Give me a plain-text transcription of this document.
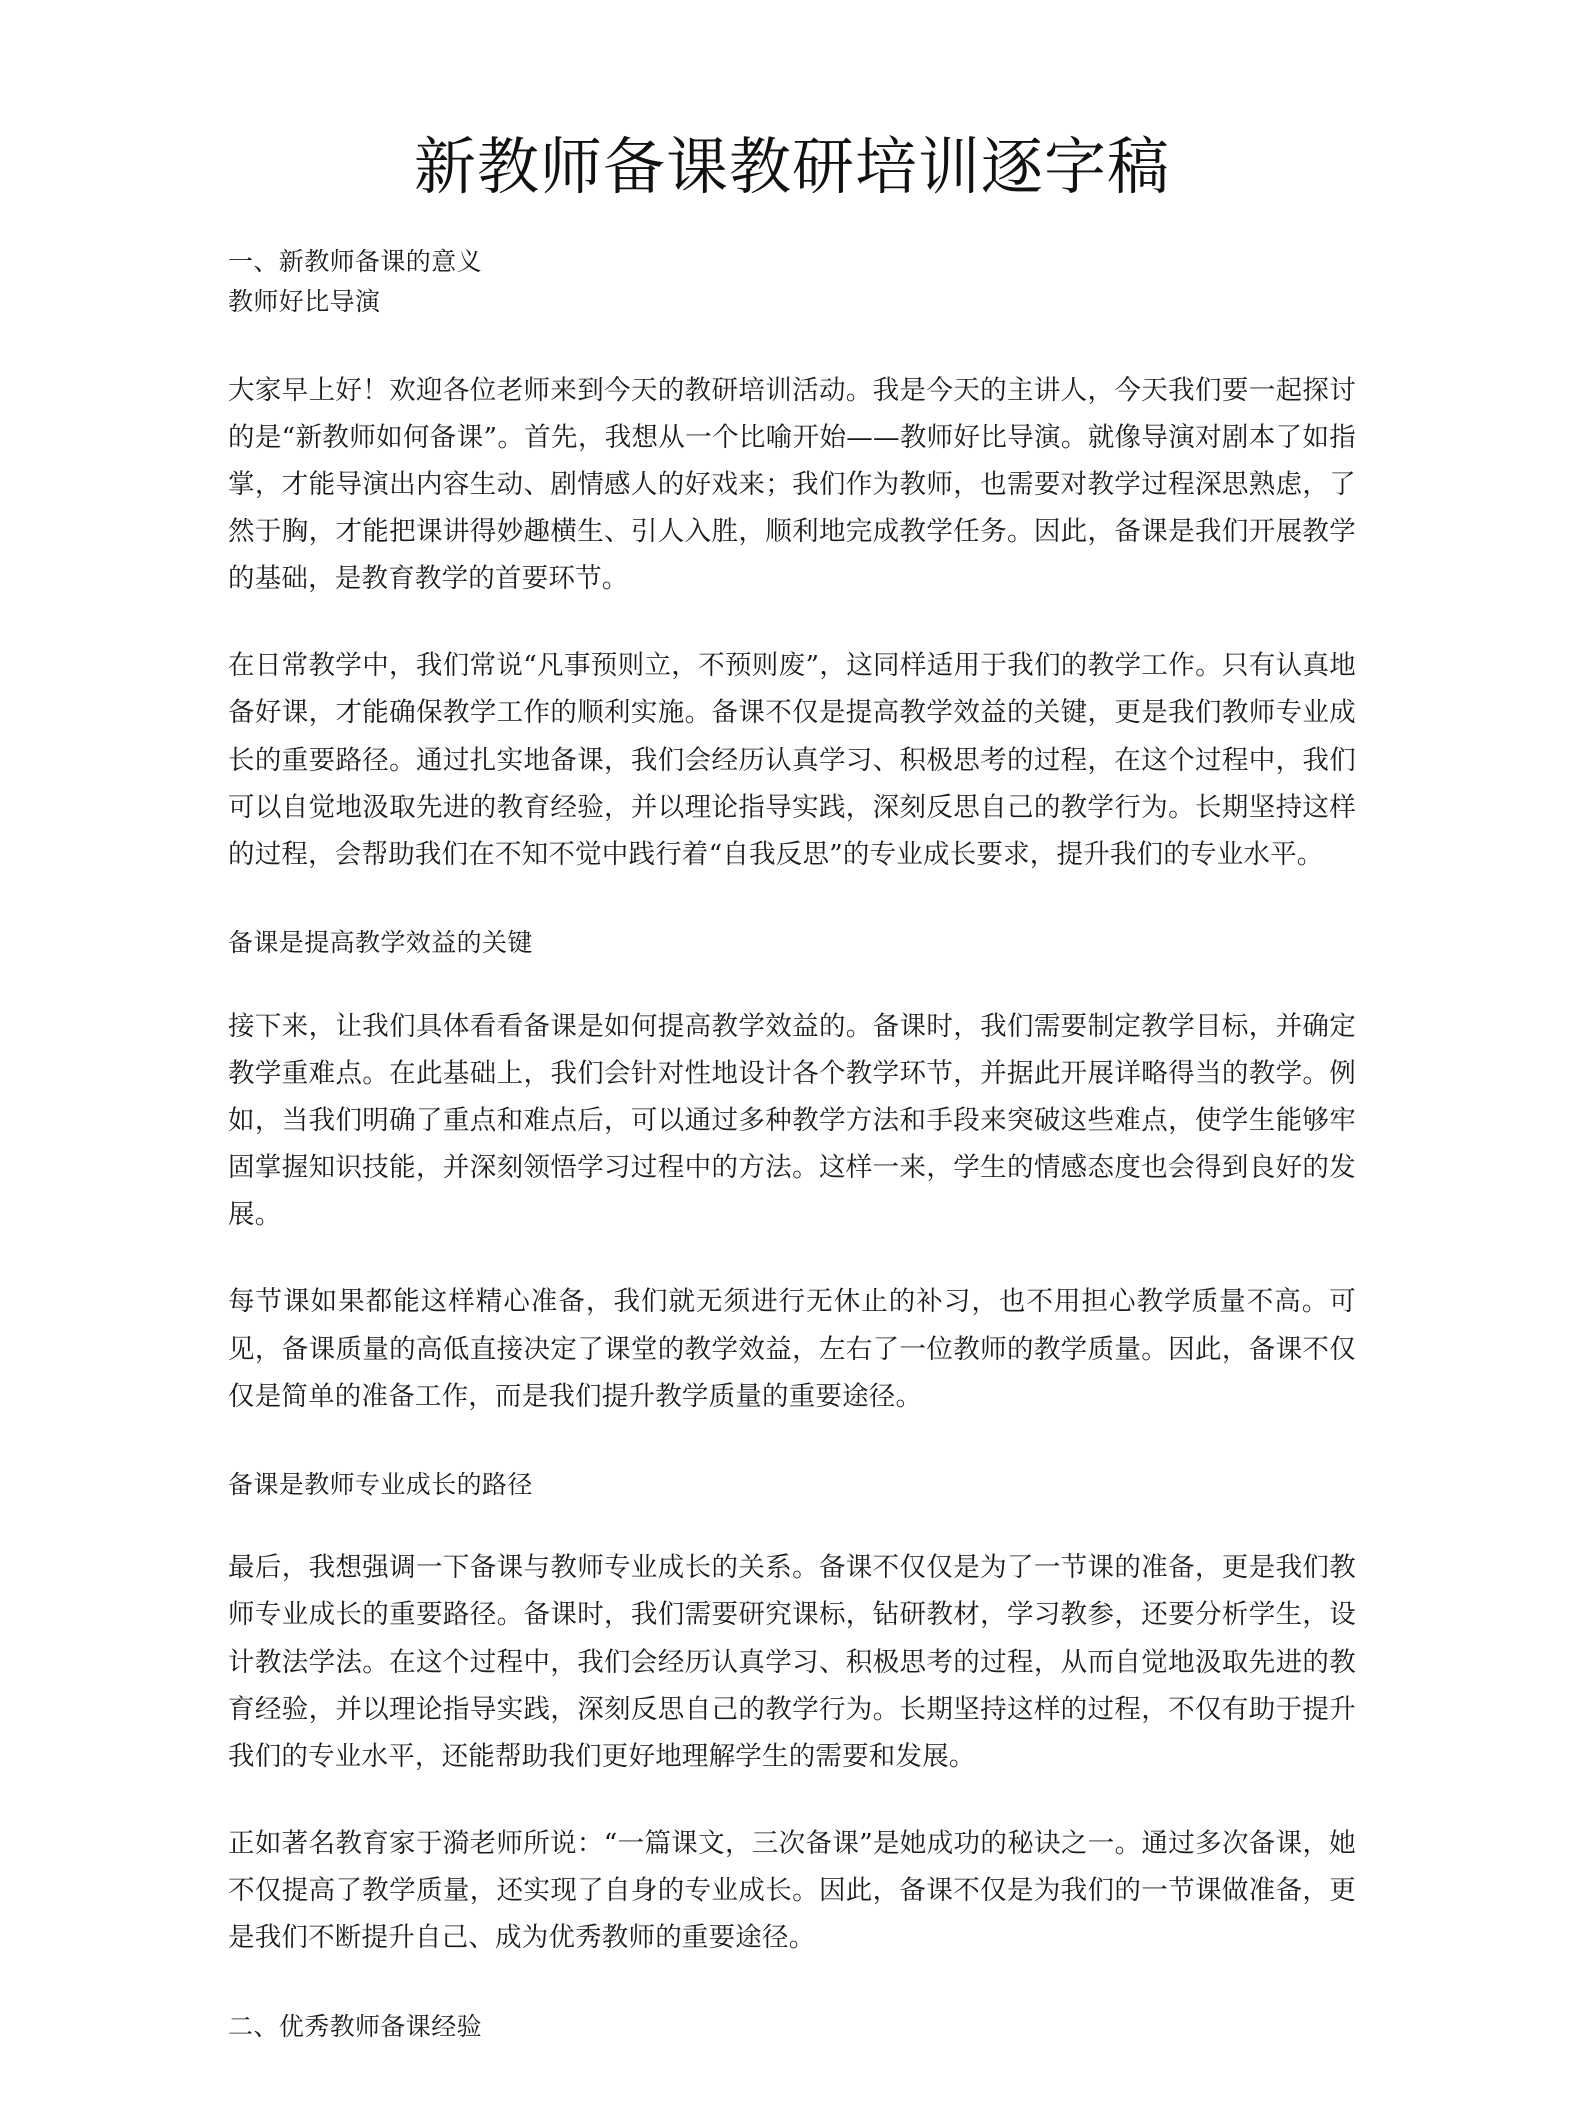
新教师备课教研培训逐字稿

一、新教师备课的意义

教师好比导演

大家早上好！欢迎各位老师来到今天的教研培训活动。我是今天的主讲人，今天我们要一起探讨的是“新教师如何备课”。首先，我想从一个比喻开始——教师好比导演。就像导演对剧本了如指掌，才能导演出内容生动、剧情感人的好戏来；我们作为教师，也需要对教学过程深思熟虑，了然于胸，才能把课讲得妙趣横生、引人入胜，顺利地完成教学任务。因此，备课是我们开展教学的基础，是教育教学的首要环节。

在日常教学中，我们常说“凡事预则立，不预则废”，这同样适用于我们的教学工作。只有认真地备好课，才能确保教学工作的顺利实施。备课不仅是提高教学效益的关键，更是我们教师专业成长的重要路径。通过扎实地备课，我们会经历认真学习、积极思考的过程，在这个过程中，我们可以自觉地汲取先进的教育经验，并以理论指导实践，深刻反思自己的教学行为。长期坚持这样的过程，会帮助我们在不知不觉中践行着“自我反思”的专业成长要求，提升我们的专业水平。

备课是提高教学效益的关键

接下来，让我们具体看看备课是如何提高教学效益的。备课时，我们需要制定教学目标，并确定教学重难点。在此基础上，我们会针对性地设计各个教学环节，并据此开展详略得当的教学。例如，当我们明确了重点和难点后，可以通过多种教学方法和手段来突破这些难点，使学生能够牢固掌握知识技能，并深刻领悟学习过程中的方法。这样一来，学生的情感态度也会得到良好的发展。

每节课如果都能这样精心准备，我们就无须进行无休止的补习，也不用担心教学质量不高。可见，备课质量的高低直接决定了课堂的教学效益，左右了一位教师的教学质量。因此，备课不仅仅是简单的准备工作，而是我们提升教学质量的重要途径。

备课是教师专业成长的路径

最后，我想强调一下备课与教师专业成长的关系。备课不仅仅是为了一节课的准备，更是我们教师专业成长的重要路径。备课时，我们需要研究课标，钻研教材，学习教参，还要分析学生，设计教法学法。在这个过程中，我们会经历认真学习、积极思考的过程，从而自觉地汲取先进的教育经验，并以理论指导实践，深刻反思自己的教学行为。长期坚持这样的过程，不仅有助于提升我们的专业水平，还能帮助我们更好地理解学生的需要和发展。

正如著名教育家于漪老师所说：“一篇课文，三次备课”是她成功的秘诀之一。通过多次备课，她不仅提高了教学质量，还实现了自身的专业成长。因此，备课不仅是为我们的一节课做准备，更是我们不断提升自己、成为优秀教师的重要途径。

二、优秀教师备课经验
